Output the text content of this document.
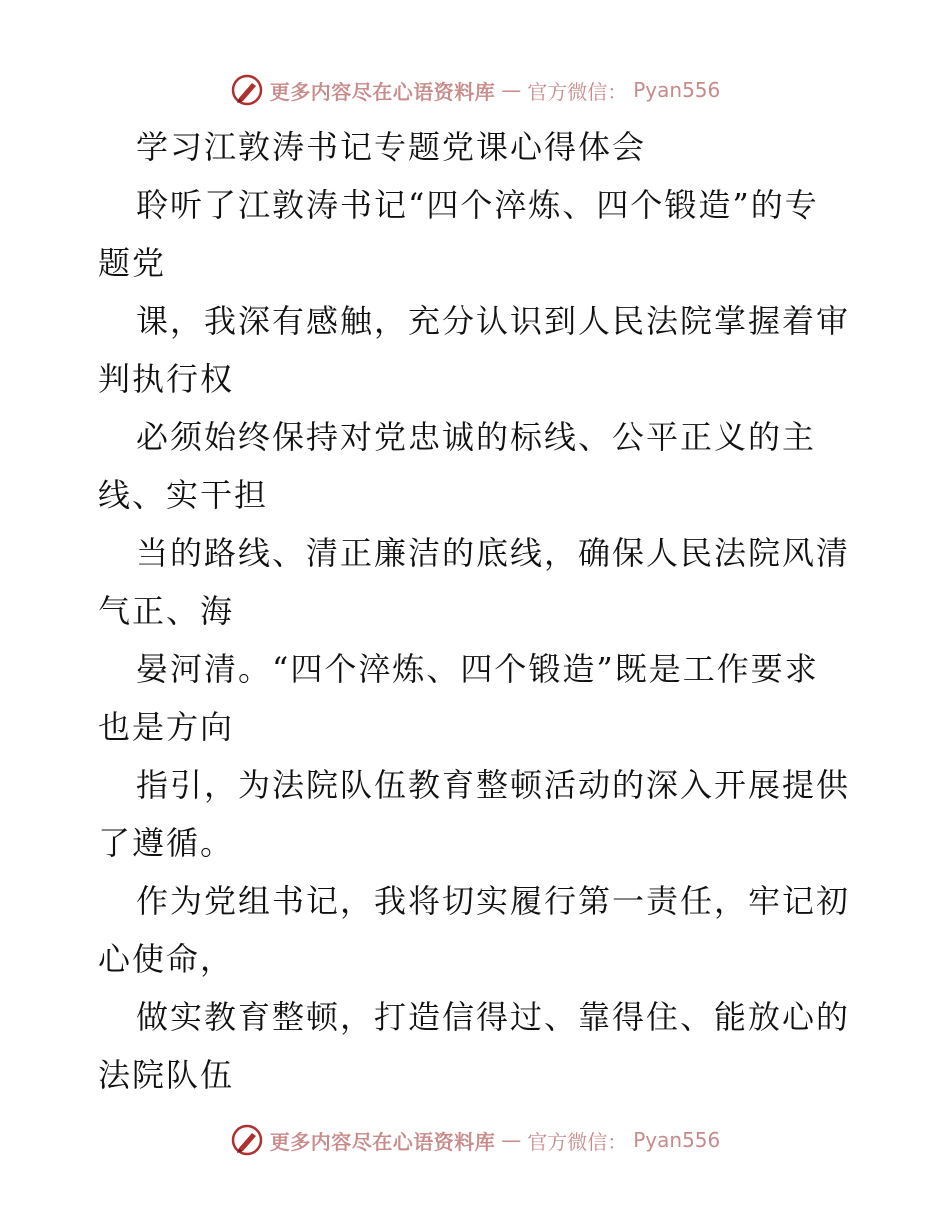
更多内容尽在心语资料库 — 官方微信： Pyan556
学习江敦涛书记专题党课心得体会
聆听了江敦涛书记“四个淬炼、四个锻造”的专
题党
课，我深有感触，充分认识到人民法院掌握着审
判执行权
必须始终保持对党忠诚的标线、公平正义的主
线、实干担
当的路线、清正廉洁的底线，确保人民法院风清
气正、海
晏河清。“四个淬炼、四个锻造”既是工作要求
也是方向
指引，为法院队伍教育整顿活动的深入开展提供
了遵循。
作为党组书记，我将切实履行第一责任，牢记初
心使命，
做实教育整顿，打造信得过、靠得住、能放心的
法院队伍
更多内容尽在心语资料库 — 官方微信： Pyan556
